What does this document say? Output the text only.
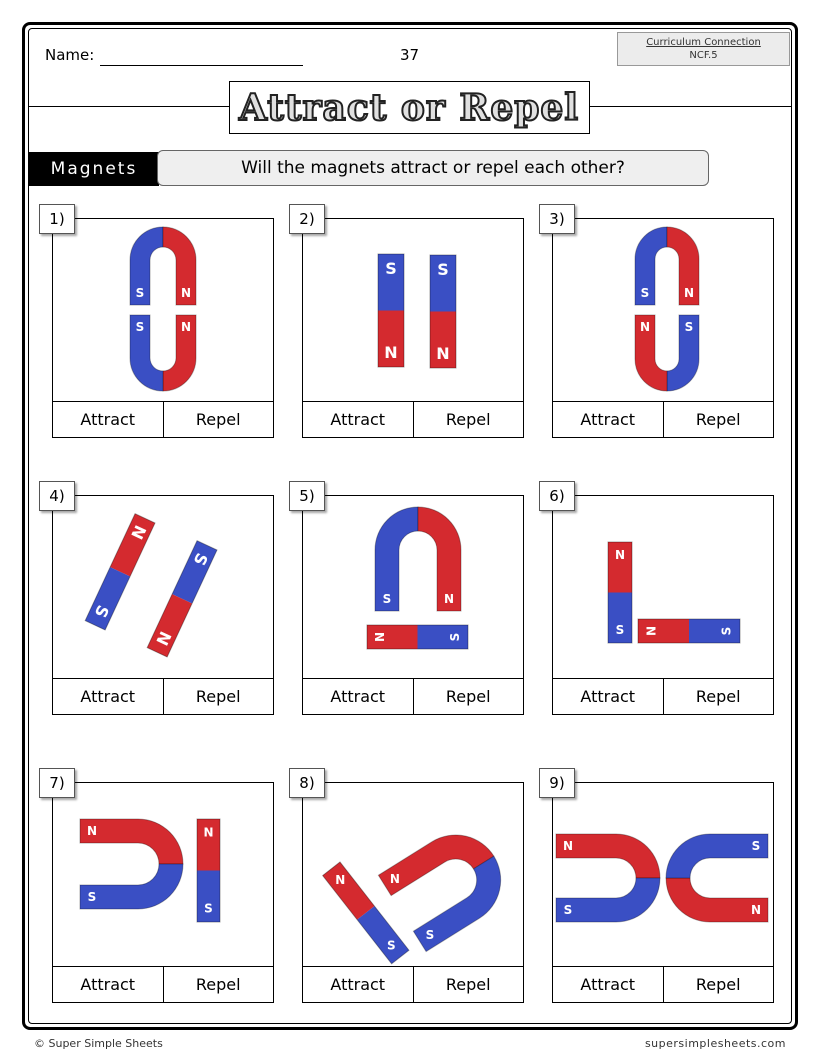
Name:	37
Curriculum Connection
NCF.5
Attract or Repel
Magnets	Will the magnets attract or repel each other?
Attract	Repel	Attract	Repel	Attract	Repel
Attract	Repel	Attract	Repel	Attract	Repel
Attract	Repel	Attract	Repel	Attract	Repel
© Super Simple Sheets	supersimplesheets.com
1)	2)	3)
4)	5)	6)
7)	8)	9)
S	N
N
S
S
N
S
N
S	N
S
N
N
S
S
N
S	N
N	S
N
S N	S
N
S
N
S
N
S
N
S
N
S	N
S
